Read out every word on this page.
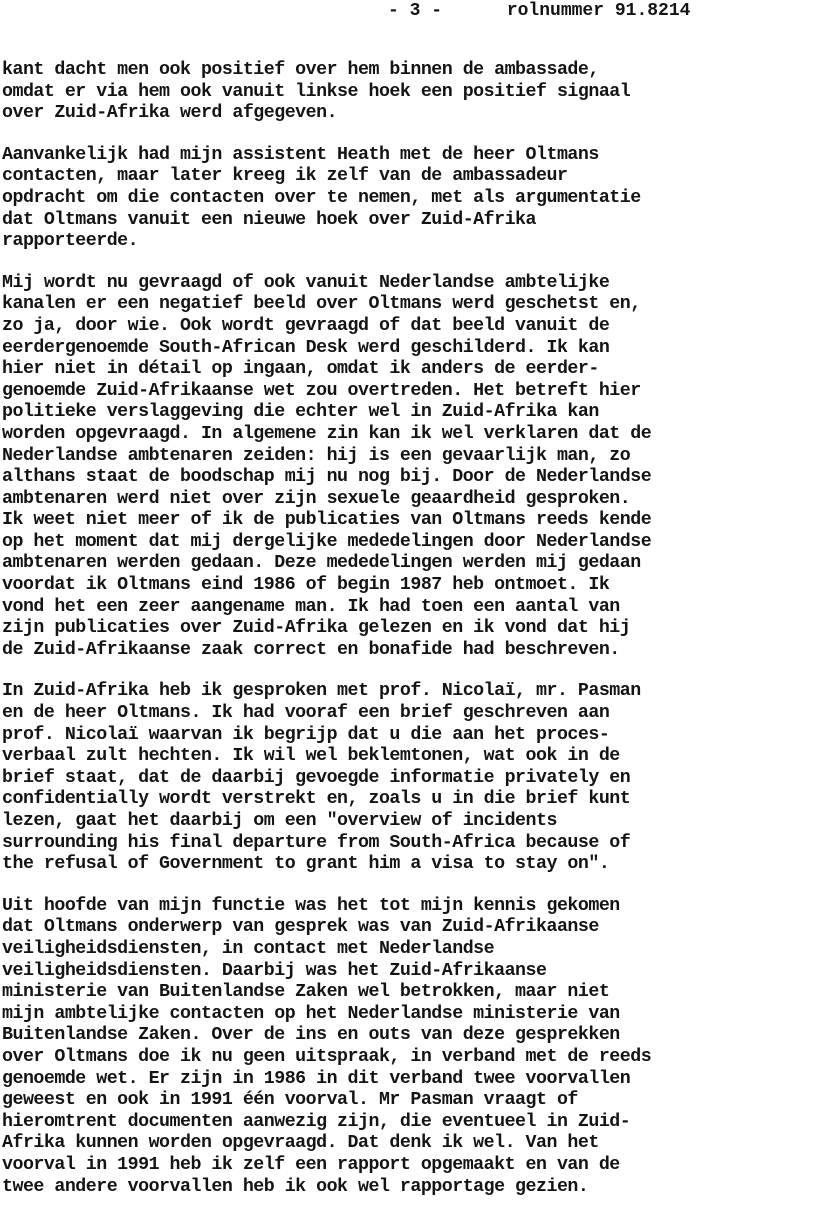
- 3 -      rolnummer 91.8214
kant dacht men ook positief over hem binnen de ambassade,
omdat er via hem ook vanuit linkse hoek een positief signaal
over Zuid-Afrika werd afgegeven.
Aanvankelijk had mijn assistent Heath met de heer Oltmans
contacten, maar later kreeg ik zelf van de ambassadeur
opdracht om die contacten over te nemen, met als argumentatie
dat Oltmans vanuit een nieuwe hoek over Zuid-Afrika
rapporteerde.
Mij wordt nu gevraagd of ook vanuit Nederlandse ambtelijke
kanalen er een negatief beeld over Oltmans werd geschetst en,
zo ja, door wie. Ook wordt gevraagd of dat beeld vanuit de
eerdergenoemde South-African Desk werd geschilderd. Ik kan
hier niet in détail op ingaan, omdat ik anders de eerder-
genoemde Zuid-Afrikaanse wet zou overtreden. Het betreft hier
politieke verslaggeving die echter wel in Zuid-Afrika kan
worden opgevraagd. In algemene zin kan ik wel verklaren dat de
Nederlandse ambtenaren zeiden: hij is een gevaarlijk man, zo
althans staat de boodschap mij nu nog bij. Door de Nederlandse
ambtenaren werd niet over zijn sexuele geaardheid gesproken.
Ik weet niet meer of ik de publicaties van Oltmans reeds kende
op het moment dat mij dergelijke mededelingen door Nederlandse
ambtenaren werden gedaan. Deze mededelingen werden mij gedaan
voordat ik Oltmans eind 1986 of begin 1987 heb ontmoet. Ik
vond het een zeer aangename man. Ik had toen een aantal van
zijn publicaties over Zuid-Afrika gelezen en ik vond dat hij
de Zuid-Afrikaanse zaak correct en bonafide had beschreven.
In Zuid-Afrika heb ik gesproken met prof. Nicolaï, mr. Pasman
en de heer Oltmans. Ik had vooraf een brief geschreven aan
prof. Nicolaï waarvan ik begrijp dat u die aan het proces-
verbaal zult hechten. Ik wil wel beklemtonen, wat ook in de
brief staat, dat de daarbij gevoegde informatie privately en
confidentially wordt verstrekt en, zoals u in die brief kunt
lezen, gaat het daarbij om een "overview of incidents
surrounding his final departure from South-Africa because of
the refusal of Government to grant him a visa to stay on".
Uit hoofde van mijn functie was het tot mijn kennis gekomen
dat Oltmans onderwerp van gesprek was van Zuid-Afrikaanse
veiligheidsdiensten, in contact met Nederlandse
veiligheidsdiensten. Daarbij was het Zuid-Afrikaanse
ministerie van Buitenlandse Zaken wel betrokken, maar niet
mijn ambtelijke contacten op het Nederlandse ministerie van
Buitenlandse Zaken. Over de ins en outs van deze gesprekken
over Oltmans doe ik nu geen uitspraak, in verband met de reeds
genoemde wet. Er zijn in 1986 in dit verband twee voorvallen
geweest en ook in 1991 één voorval. Mr Pasman vraagt of
hieromtrent documenten aanwezig zijn, die eventueel in Zuid-
Afrika kunnen worden opgevraagd. Dat denk ik wel. Van het
voorval in 1991 heb ik zelf een rapport opgemaakt en van de
twee andere voorvallen heb ik ook wel rapportage gezien.
